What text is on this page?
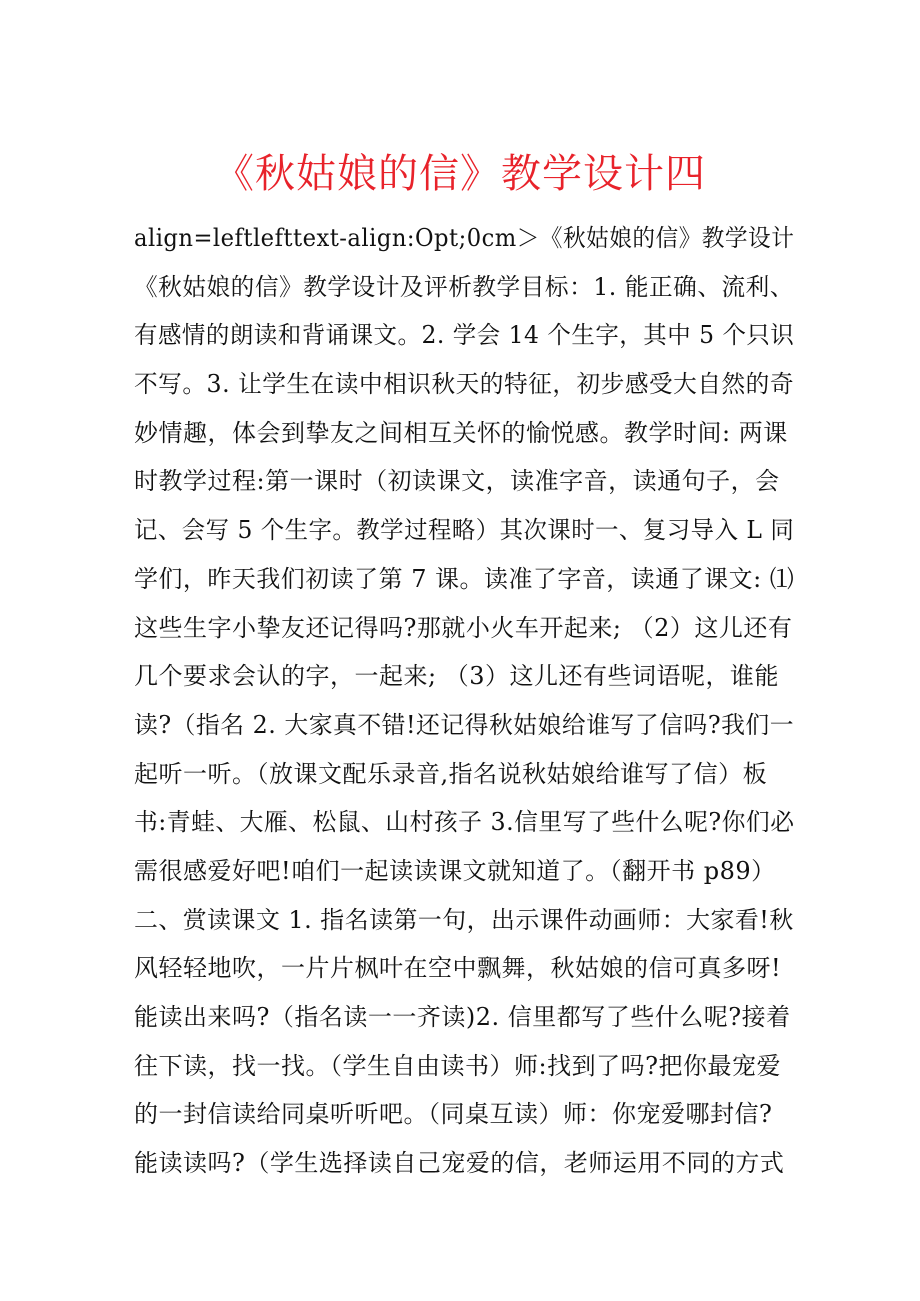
《秋姑娘的信》教学设计四
align=leftlefttext-align:Opt;0cm＞《秋姑娘的信》教学设计
《秋姑娘的信》教学设计及评析教学目标：1. 能正确、流利、
有感情的朗读和背诵课文。2. 学会 14 个生字，其中 5 个只识
不写。3. 让学生在读中相识秋天的特征，初步感受大自然的奇
妙情趣，体会到挚友之间相互关怀的愉悦感。教学时间: 两课
时教学过程:第一课时（初读课文，读准字音，读通句子，会
记、会写 5 个生字。教学过程略）其次课时一、复习导入 L 同
学们，昨天我们初读了第 7 课。读准了字音，读通了课文: ⑴
这些生字小挚友还记得吗?那就小火车开起来; （2）这儿还有
几个要求会认的字，一起来; （3）这儿还有些词语呢，谁能
读?（指名 2. 大家真不错!还记得秋姑娘给谁写了信吗?我们一
起听一听。（放课文配乐录音,指名说秋姑娘给谁写了信）板
书:青蛙、大雁、松鼠、山村孩子 3.信里写了些什么呢?你们必
需很感爱好吧!咱们一起读读课文就知道了。（翻开书 p89）
二、赏读课文 1. 指名读第一句，出示课件动画师：大家看!秋
风轻轻地吹，一片片枫叶在空中飘舞，秋姑娘的信可真多呀!
能读出来吗?（指名读一一齐读)2. 信里都写了些什么呢?接着
往下读，找一找。（学生自由读书）师:找到了吗?把你最宠爱
的一封信读给同桌听听吧。（同桌互读）师：你宠爱哪封信?
能读读吗?（学生选择读自己宠爱的信，老师运用不同的方式
